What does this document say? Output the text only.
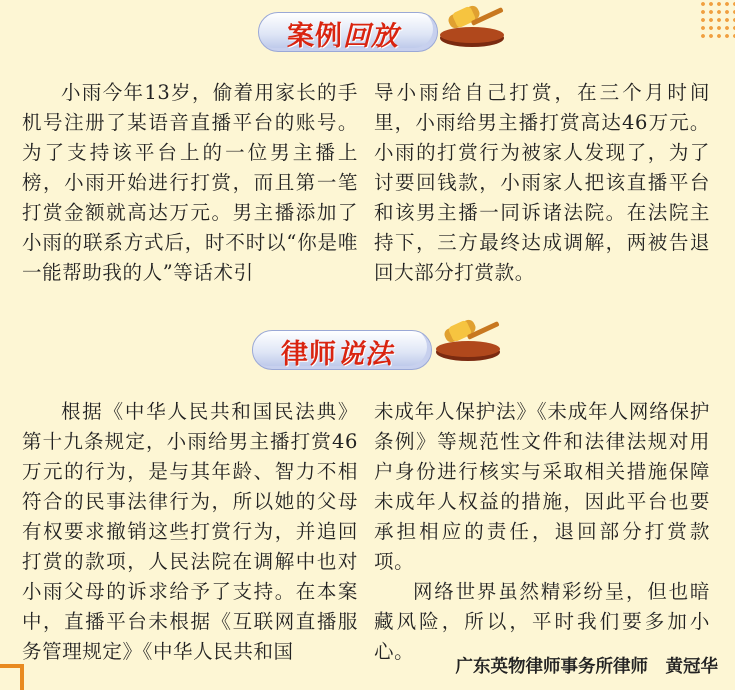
案例回放

小雨今年13岁，偷着用家长的手机号注册了某语音直播平台的账号。为了支持该平台上的一位男主播上榜，小雨开始进行打赏，而且第一笔打赏金额就高达万元。男主播添加了小雨的联系方式后，时不时以“你是唯一能帮助我的人”等话术引

导小雨给自己打赏，在三个月时间里，小雨给男主播打赏高达46万元。小雨的打赏行为被家人发现了，为了讨要回钱款，小雨家人把该直播平台和该男主播一同诉诸法院。在法院主持下，三方最终达成调解，两被告退回大部分打赏款。

律师说法

根据《中华人民共和国民法典》第十九条规定，小雨给男主播打赏46万元的行为，是与其年龄、智力不相符合的民事法律行为，所以她的父母有权要求撤销这些打赏行为，并追回打赏的款项，人民法院在调解中也对小雨父母的诉求给予了支持。在本案中，直播平台未根据《互联网直播服务管理规定》《中华人民共和国

未成年人保护法》《未成年人网络保护条例》等规范性文件和法律法规对用户身份进行核实与采取相关措施保障未成年人权益的措施，因此平台也要承担相应的责任，退回部分打赏款项。

网络世界虽然精彩纷呈，但也暗藏风险，所以，平时我们要多加小心。

广东英物律师事务所律师　黄冠华
